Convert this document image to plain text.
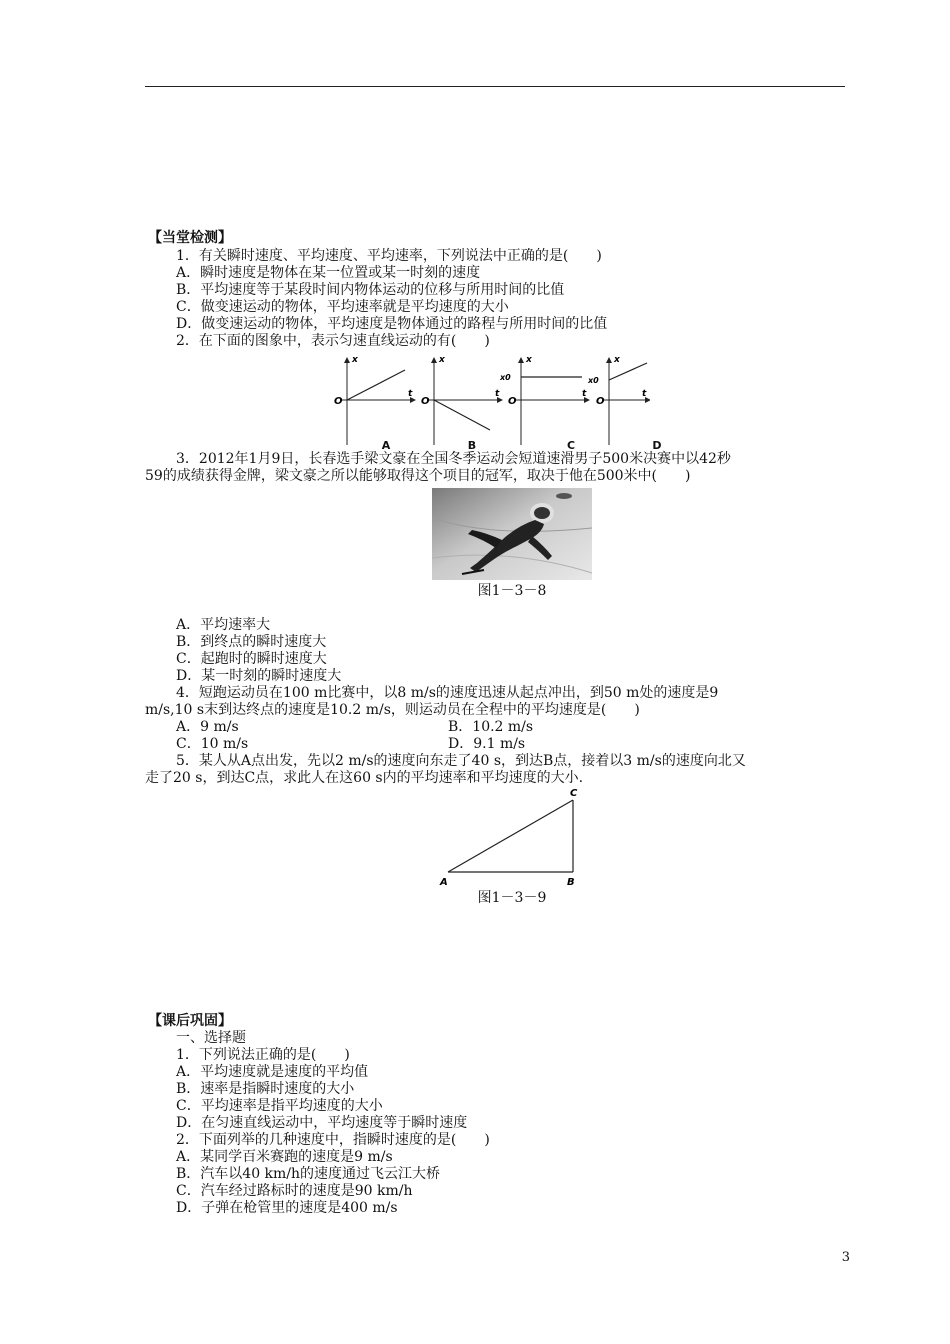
【当堂检测】
1．有关瞬时速度、平均速度、平均速率，下列说法中正确的是(　　)
A．瞬时速度是物体在某一位置或某一时刻的速度
B．平均速度等于某段时间内物体运动的位移与所用时间的比值
C．做变速运动的物体，平均速率就是平均速度的大小
D．做变速运动的物体，平均速度是物体通过的路程与所用时间的比值
2．在下面的图象中，表示匀速直线运动的有(　　)
x
t
O
x
t
O
x
t
O
x0
x
t
O
x0
A	B	C	D
3．2012年1月9日，长春选手梁文豪在全国冬季运动会短道速滑男子500米决赛中以42秒
59的成绩获得金牌，梁文豪之所以能够取得这个项目的冠军，取决于他在500米中(　　)
图1－3－8
A．平均速率大
B．到终点的瞬时速度大
C．起跑时的瞬时速度大
D．某一时刻的瞬时速度大
4．短跑运动员在100 m比赛中，以8 m/s的速度迅速从起点冲出，到50 m处的速度是9
m/s,10 s末到达终点的速度是10.2 m/s，则运动员在全程中的平均速度是(　　)
A．9 m/s	B．10.2 m/s
C．10 m/s	D．9.1 m/s
5．某人从A点出发，先以2 m/s的速度向东走了40 s，到达B点，接着以3 m/s的速度向北又
走了20 s，到达C点，求此人在这60 s内的平均速率和平均速度的大小.
A	B
C
图1－3－9
【课后巩固】
一、选择题
1．下列说法正确的是(　　)
A．平均速度就是速度的平均值
B．速率是指瞬时速度的大小
C．平均速率是指平均速度的大小
D．在匀速直线运动中，平均速度等于瞬时速度
2．下面列举的几种速度中，指瞬时速度的是(　　)
A．某同学百米赛跑的速度是9 m/s
B．汽车以40 km/h的速度通过飞云江大桥
C．汽车经过路标时的速度是90 km/h
D．子弹在枪管里的速度是400 m/s
3
